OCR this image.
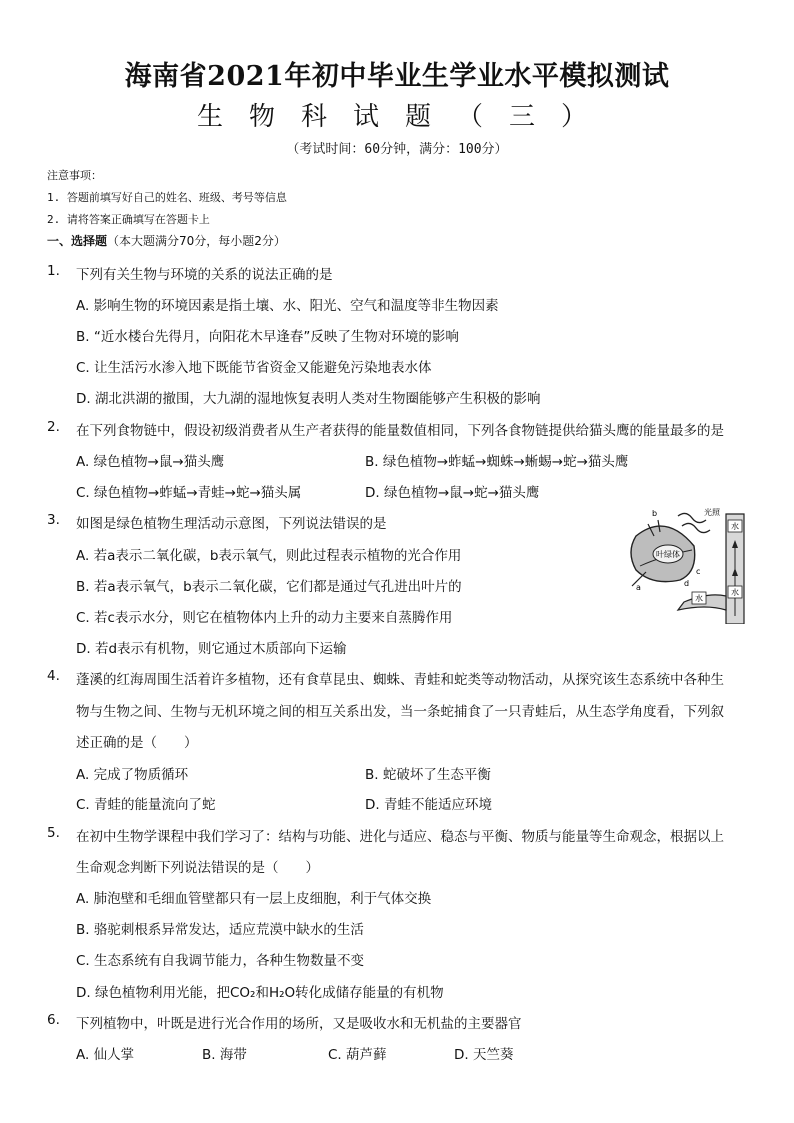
海南省2021年初中毕业生学业水平模拟测试
生物科试题（三）
（考试时间：60分钟，满分：100分）
注意事项：
1. 答题前填写好自己的姓名、班级、考号等信息
2. 请将答案正确填写在答题卡上
一、选择题（本大题满分70分，每小题2分）
1. 下列有关生物与环境的关系的说法正确的是
A. 影响生物的环境因素是指土壤、水、阳光、空气和温度等非生物因素
B. “近水楼台先得月，向阳花木早逢春”反映了生物对环境的影响
C. 让生活污水渗入地下既能节省资金又能避免污染地表水体
D. 湖北洪湖的撤围，大九湖的湿地恢复表明人类对生物圈能够产生积极的影响
2. 在下列食物链中，假设初级消费者从生产者获得的能量数值相同，下列各食物链提供给猫头鹰的能量最多的是
A. 绿色植物→鼠→猫头鹰	B. 绿色植物→蚱蜢→蜘蛛→蜥蜴→蛇→猫头鹰
C. 绿色植物→蚱蜢→青蛙→蛇→猫头属	D. 绿色植物→鼠→蛇→猫头鹰
3. 如图是绿色植物生理活动示意图，下列说法错误的是
A. 若a表示二氧化碳，b表示氧气，则此过程表示植物的光合作用
B. 若a表示氧气，b表示二氧化碳，它们都是通过气孔进出叶片的
C. 若c表示水分，则它在植物体内上升的动力主要来自蒸腾作用
D. 若d表示有机物，则它通过木质部向下运输
叶绿体
光照
b
a
c
d
水
水
水
4. 蓬溪的红海周围生活着许多植物，还有食草昆虫、蜘蛛、青蛙和蛇类等动物活动，从探究该生态系统中各种生
物与生物之间、生物与无机环境之间的相互关系出发，当一条蛇捕食了一只青蛙后，从生态学角度看，下列叙
述正确的是（　　）
A. 完成了物质循环	B. 蛇破坏了生态平衡
C. 青蛙的能量流向了蛇	D. 青蛙不能适应环境
5. 在初中生物学课程中我们学习了：结构与功能、进化与适应、稳态与平衡、物质与能量等生命观念，根据以上
生命观念判断下列说法错误的是（　　）
A. 肺泡壁和毛细血管壁都只有一层上皮细胞，利于气体交换
B. 骆驼刺根系异常发达，适应荒漠中缺水的生活
C. 生态系统有自我调节能力，各种生物数量不变
D. 绿色植物利用光能，把CO₂和H₂O转化成储存能量的有机物
6. 下列植物中，叶既是进行光合作用的场所，又是吸收水和无机盐的主要器官
A. 仙人掌	B. 海带	C. 葫芦藓	D. 天竺葵
